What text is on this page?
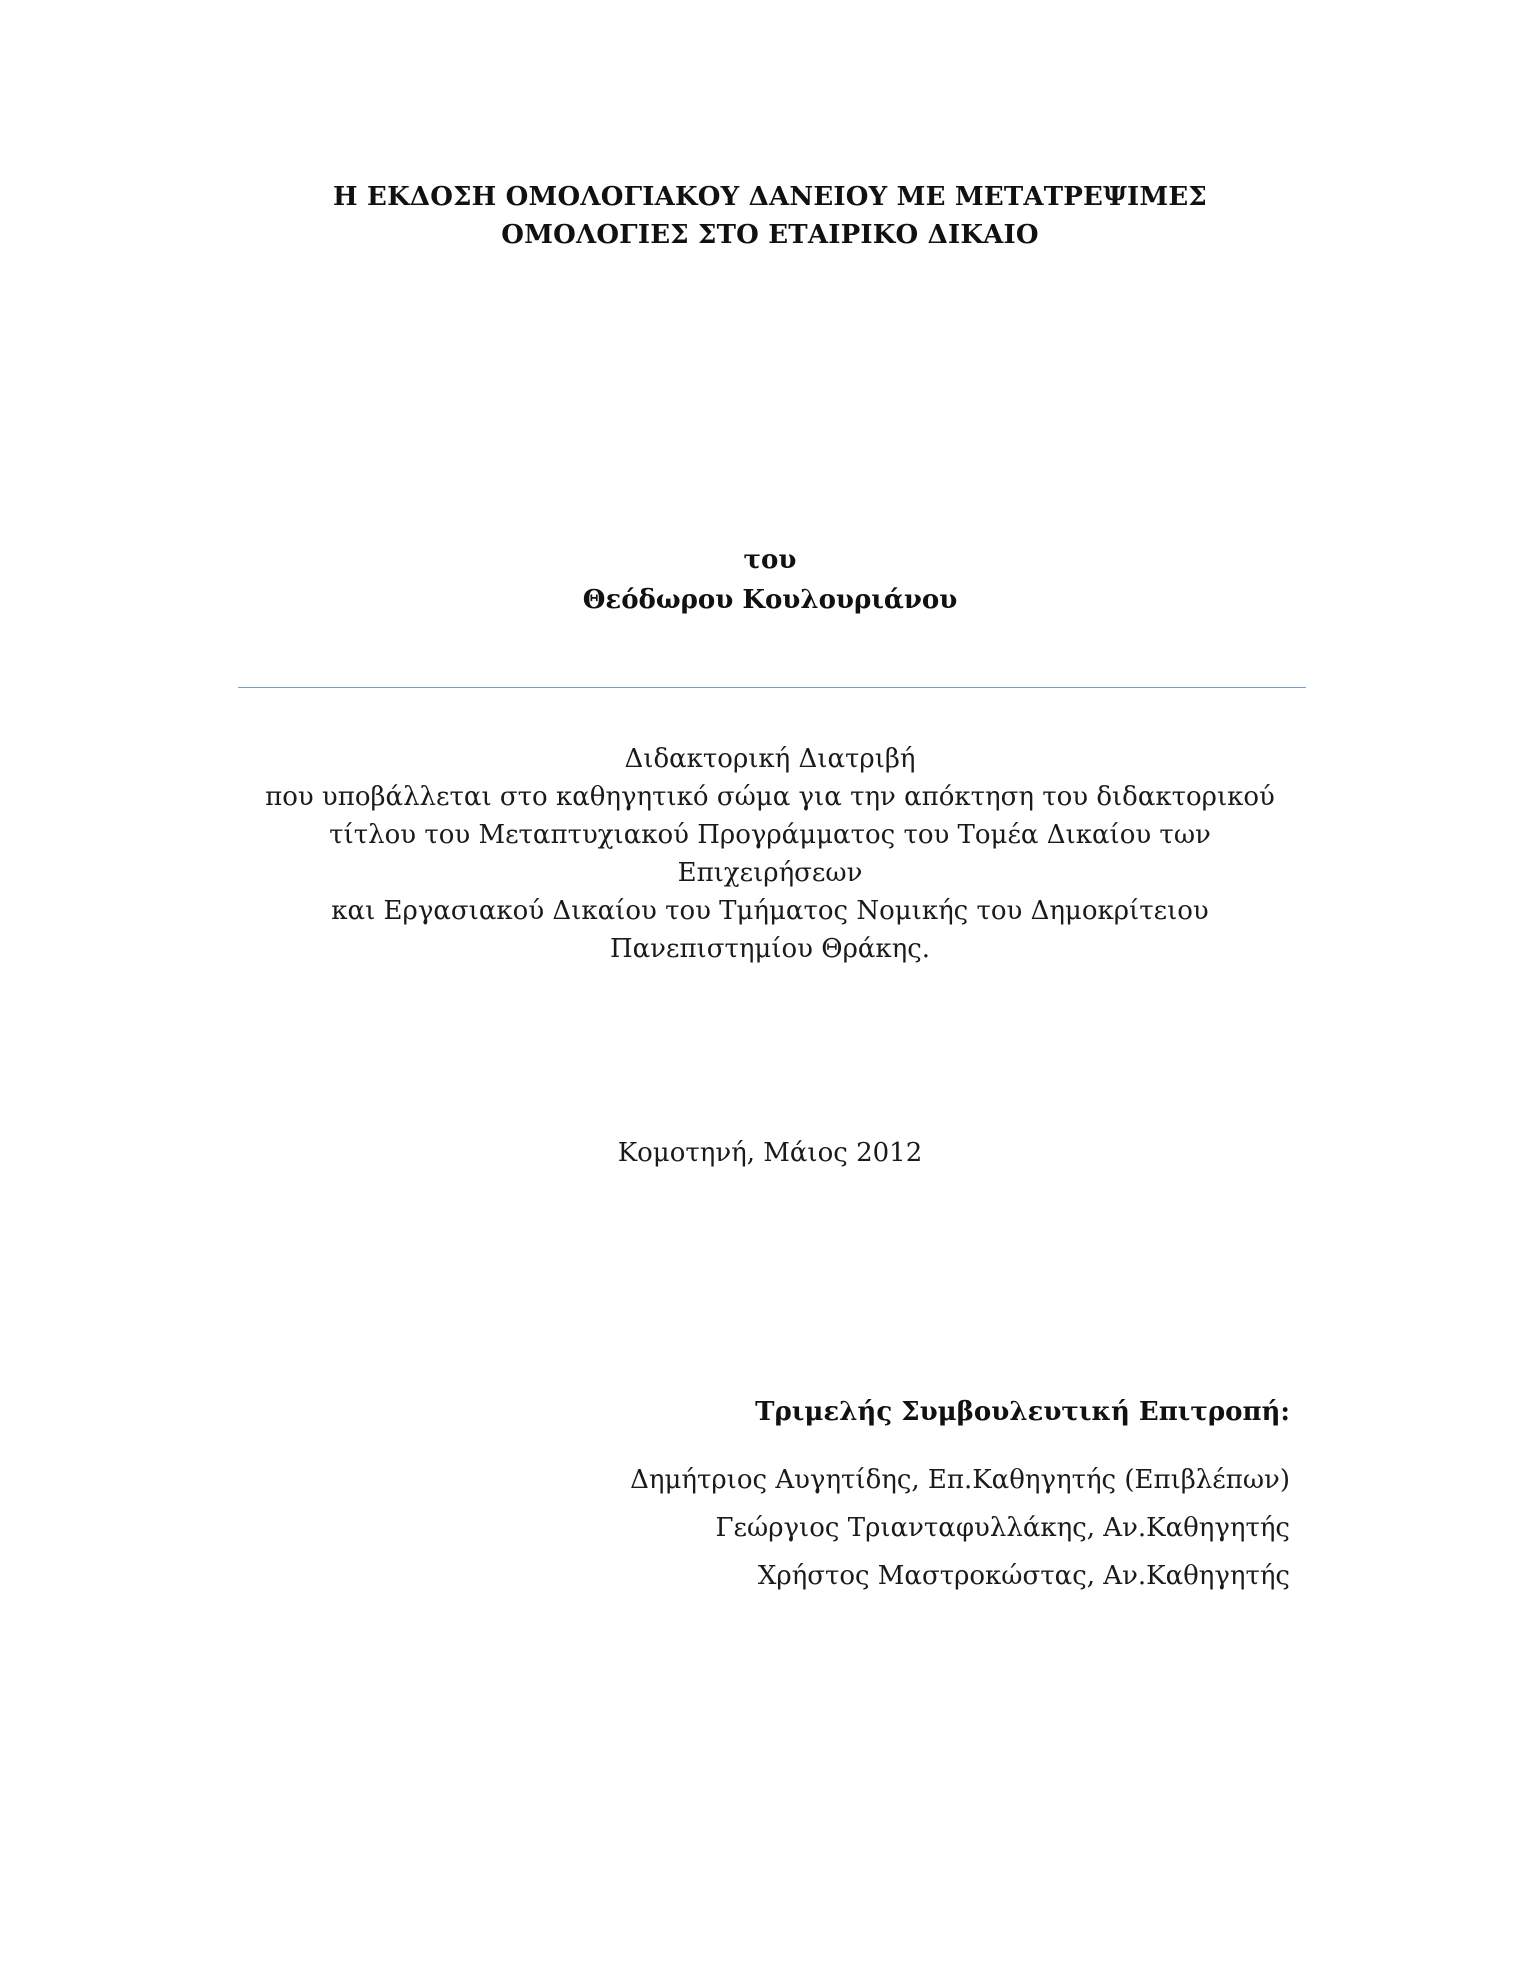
Η ΕΚΔΟΣΗ ΟΜΟΛΟΓΙΑΚΟΥ ΔΑΝΕΙΟΥ ΜΕ ΜΕΤΑΤΡΕΨΙΜΕΣ
ΟΜΟΛΟΓΙΕΣ ΣΤΟ ΕΤΑΙΡΙΚΟ ΔΙΚΑΙΟ
του
Θεόδωρου Κουλουριάνου
Διδακτορική Διατριβή
που υποβάλλεται στο καθηγητικό σώμα για την απόκτηση του διδακτορικού
τίτλου του Μεταπτυχιακού Προγράμματος του Τομέα Δικαίου των Επιχειρήσεων
και Εργασιακού Δικαίου του Τμήματος Νομικής του Δημοκρίτειου
Πανεπιστημίου Θράκης.
Κομοτηνή, Μάιος 2012
Τριμελής Συμβουλευτική Επιτροπή:
Δημήτριος Αυγητίδης, Επ.Καθηγητής (Επιβλέπων)
Γεώργιος Τριανταφυλλάκης, Αν.Καθηγητής
Χρήστος Μαστροκώστας, Αν.Καθηγητής
